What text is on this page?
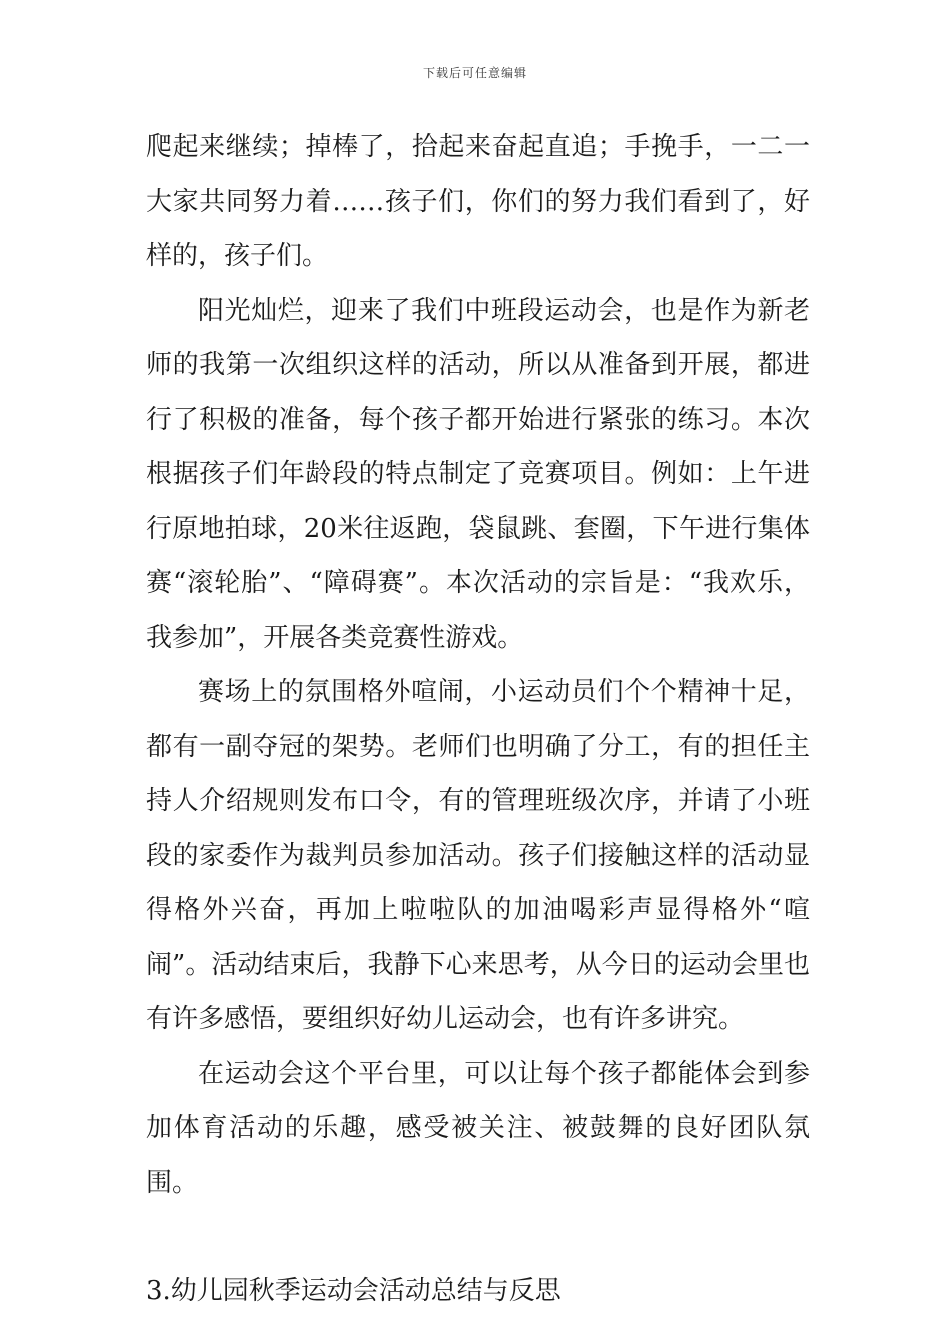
下载后可任意编辑

爬起来继续；掉棒了，拾起来奋起直追；手挽手，一二一大家共同努力着……孩子们，你们的努力我们看到了，好样的，孩子们。

阳光灿烂，迎来了我们中班段运动会，也是作为新老师的我第一次组织这样的活动，所以从准备到开展，都进行了积极的准备，每个孩子都开始进行紧张的练习。本次根据孩子们年龄段的特点制定了竞赛项目。例如：上午进行原地拍球，20米往返跑，袋鼠跳、套圈，下午进行集体赛“滚轮胎”、“障碍赛”。本次活动的宗旨是：“我欢乐，我参加”，开展各类竞赛性游戏。

赛场上的氛围格外喧闹，小运动员们个个精神十足，都有一副夺冠的架势。老师们也明确了分工，有的担任主持人介绍规则发布口令，有的管理班级次序，并请了小班段的家委作为裁判员参加活动。孩子们接触这样的活动显得格外兴奋，再加上啦啦队的加油喝彩声显得格外“喧闹”。活动结束后，我静下心来思考，从今日的运动会里也有许多感悟，要组织好幼儿运动会，也有许多讲究。

在运动会这个平台里，可以让每个孩子都能体会到参加体育活动的乐趣，感受被关注、被鼓舞的良好团队氛围。

3.幼儿园秋季运动会活动总结与反思
